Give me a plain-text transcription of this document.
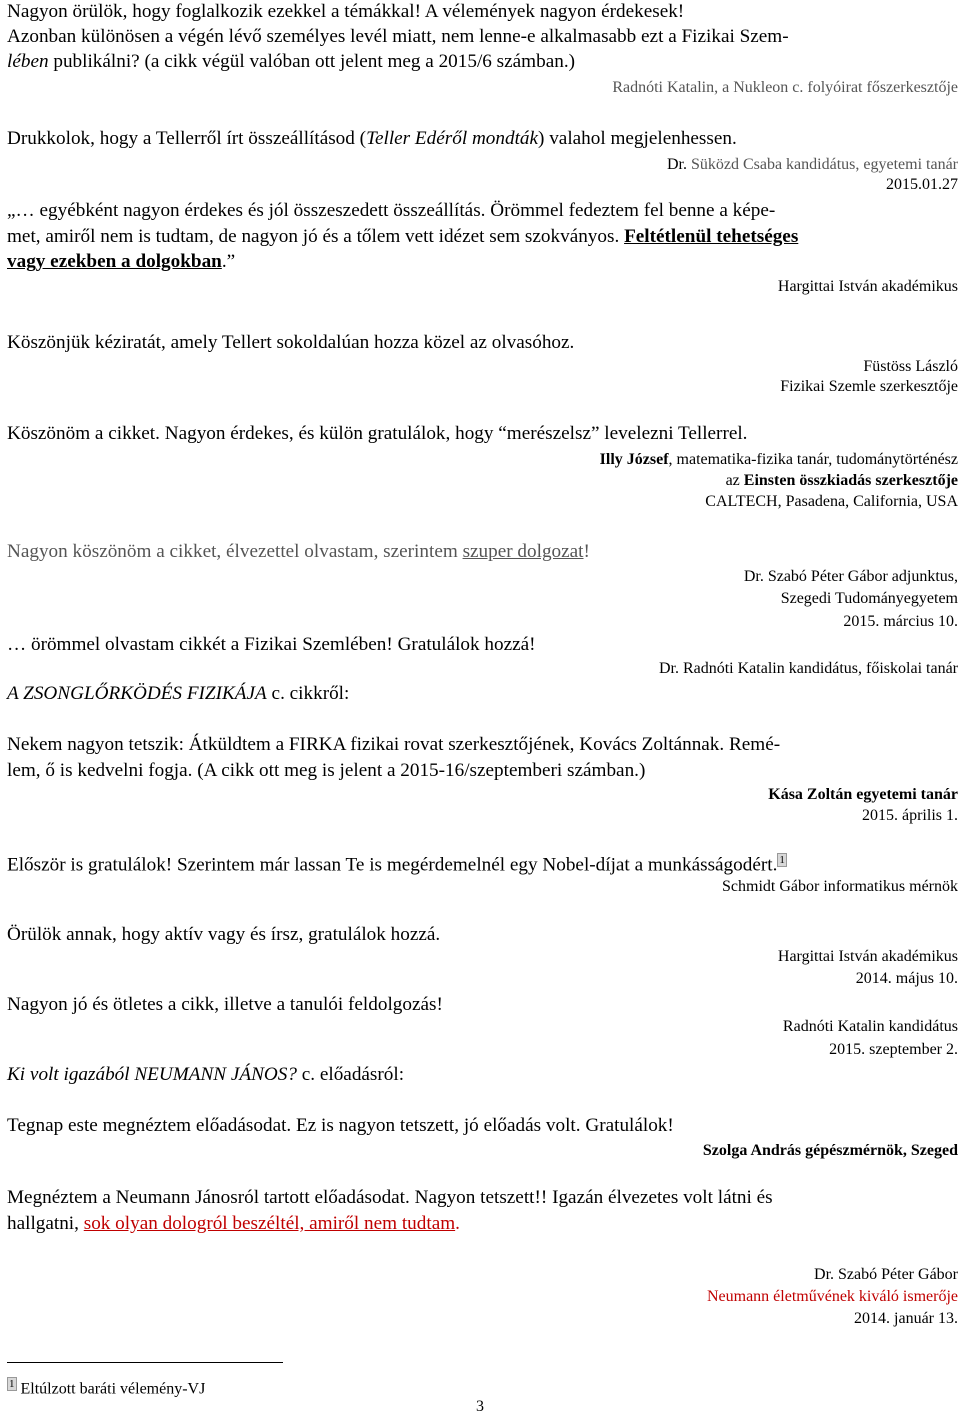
Nagyon örülök, hogy foglalkozik ezekkel a témákkal! A vélemények nagyon érdekesek!
Azonban különösen a végén lévő személyes levél miatt, nem lenne-e alkalmasabb ezt a Fizikai Szem-
lében publikálni? (a cikk végül valóban ott jelent meg a 2015/6 számban.)
Radnóti Katalin, a Nukleon c. folyóirat főszerkesztője
Drukkolok, hogy a Tellerről írt összeállításod (Teller Edéről mondták) valahol megjelenhessen.
Dr. Süközd Csaba kandidátus, egyetemi tanár
2015.01.27
„… egyébként nagyon érdekes és jól összeszedett összeállítás. Örömmel fedeztem fel benne a képe-
met, amiről nem is tudtam, de nagyon jó és a tőlem vett idézet sem szokványos. Feltétlenül tehetséges
vagy ezekben a dolgokban.”
Hargittai István akadémikus
Köszönjük kéziratát, amely Tellert sokoldalúan hozza közel az olvasóhoz.
Füstöss László
Fizikai Szemle szerkesztője
Köszönöm a cikket. Nagyon érdekes, és külön gratulálok, hogy “merészelsz” levelezni Tellerrel.
Illy József, matematika-fizika tanár, tudománytörténész
az Einsten összkiadás szerkesztője
CALTECH, Pasadena, California, USA
Nagyon köszönöm a cikket, élvezettel olvastam, szerintem szuper dolgozat!
Dr. Szabó Péter Gábor adjunktus,
Szegedi Tudományegyetem
2015. március 10.
… örömmel olvastam cikkét a Fizikai Szemlében! Gratulálok hozzá!
Dr. Radnóti Katalin kandidátus, főiskolai tanár
A ZSONGLŐRKÖDÉS FIZIKÁJA c. cikkről:
Nekem nagyon tetszik: Átküldtem a FIRKA fizikai rovat szerkesztőjének, Kovács Zoltánnak. Remé-
lem, ő is kedvelni fogja. (A cikk ott meg is jelent a 2015-16/szeptemberi számban.)
Kása Zoltán egyetemi tanár
2015. április 1.
Először is gratulálok! Szerintem már lassan Te is megérdemelnél egy Nobel-díjat a munkásságodért. 1
Schmidt Gábor informatikus mérnök
Örülök annak, hogy aktív vagy és írsz, gratulálok hozzá.
Hargittai István akadémikus
2014. május 10.
Nagyon jó és ötletes a cikk, illetve a tanulói feldolgozás!
Radnóti Katalin kandidátus
2015. szeptember 2.
Ki volt igazából NEUMANN JÁNOS? c. előadásról:
Tegnap este megnéztem előadásodat. Ez is nagyon tetszett, jó előadás volt. Gratulálok!
Szolga András gépészmérnök, Szeged
Megnéztem a Neumann Jánosról tartott előadásodat. Nagyon tetszett!! Igazán élvezetes volt látni és
hallgatni, sok olyan dologról beszéltél, amiről nem tudtam.
Dr. Szabó Péter Gábor
Neumann életművének kiváló ismerője
2014. január 13.
1 Eltúlzott baráti vélemény-VJ
3
